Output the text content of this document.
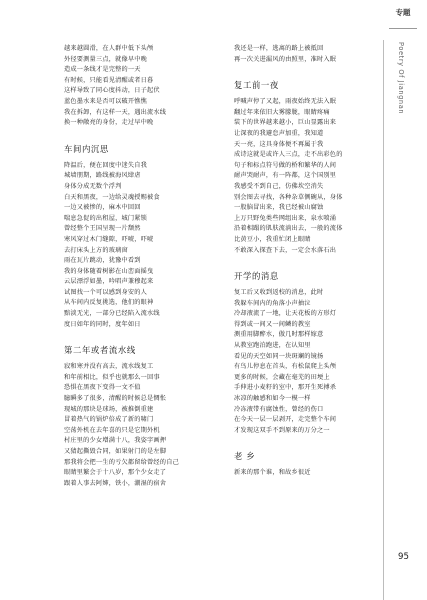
专题
Poetry Of Jiangnan
越来越圆滑，在人群中低下头颅
外径要测量三点，就像早中晚
造成一条线才是完整的一天
有时候，只能看见清醒或者日暮
这样导致了同心度抖动，日子起伏
蓝色墨水来是否可以破开憔憔
我在拆卸，有这样一天，遇出流水线
换一种敞亮的身份，走过早中晚
车间内沉思
降温后，便在回度中迷失自我
城墙朋期，路线被海风肆虐
身体分成无数个浮判
白天和黑夜，一边给灵魂授赐被食
一边又被惨的，麻木中回回
喘息急促的出租屋，城门紧锁
曾经整个王国呈现一片颓然
寒风穿过木门缝隙，吓唬，吓唬
去打床头上方的玻璃窗
雨在瓦片跳动，犹豫中看到
我的身体随着树影在山峦面摇曳
云层漂浮如墨，吟唱声兼穆起来
试图找一个可以感到身安的人
从车间内反复挑选，他们的眼神
黯淡无光，一部分已经陷入流水线
度日如年的同时，度年如日
第二年或者流水线
寂和寒并没有高去，流水线复工
和年前相比，似乎也就那么一回事
恐惧在黑夜下变得一文不值
臆瞬多了很多，清醒的时候总是惆怅
现城的那块是球场，被推倒重建
冒着热气的锅炉倍成了新的啸门
空荡外机在去年喜的只是它期外机
村庄里的少女增满十八，我姿字画押
又猜起撕毁合同，如果射门的是左脚
那我将会把一生的亏欠都留给曾经的自己
眼睛里繁会于十八岁，那个少女走了
跟着人事去阿婶，铁小，潮湿的宿舍
我还是一样，逃离的路上被抵回
再一次关进漏风的由照里，准时入眠
复工前一夜
呼喊声停了又起，雨夜始终无法入眠
翻过年来依旧大雾朦胧，眼睛疼痛
装下的世界越来越小，巨山显露出来
让深夜的我避怠声加重，我知道
天一亮，这具身体便不再属于我
成诗这就是或许人三点，走不出彩色的
句子和标点符号做的桥和繁华的人间
耐声哭耐声，有一阵都，这个国别里
我感受不到自己，仿佛坎空消失
别会图去寻找，各种杂草侧碗从，身体
一股脑冒出来，我已经被山腐蚀
上万只野兔类些网组出来，泉水喷涌
沿着相蹋的肌肤流淌出去，一般的流体
比黄豆小，我重忙闭上眼睛
不敢深入探查下去，一定会水落石出
开学的消息
复工后又收到返校的消息，此时
我躲车间内的角落小声抽泣
冷却液流了一地，让天花板的方形灯
得到或一间又一间鳞的教室
测重用脚醉水，傲几时那样嫁意
从教室跑泊跑进，在认知里
看见的天空如同一块斑斓的镜扬
有鸟儿停息在首头，有松鼠爬上头颅
更多的时候，会藏在毫芜的田埂上
手伸进小麦籽的室中，那开生死搏杀
冰凉的触感和如今一模一样
冷冻液带有腐蚀性，曾经的伤口
在今天一层一层剥开，走完整个车间
才发现这双手不到原来的万分之一
老 乡
新来的那个谁，和故乡很近
95
